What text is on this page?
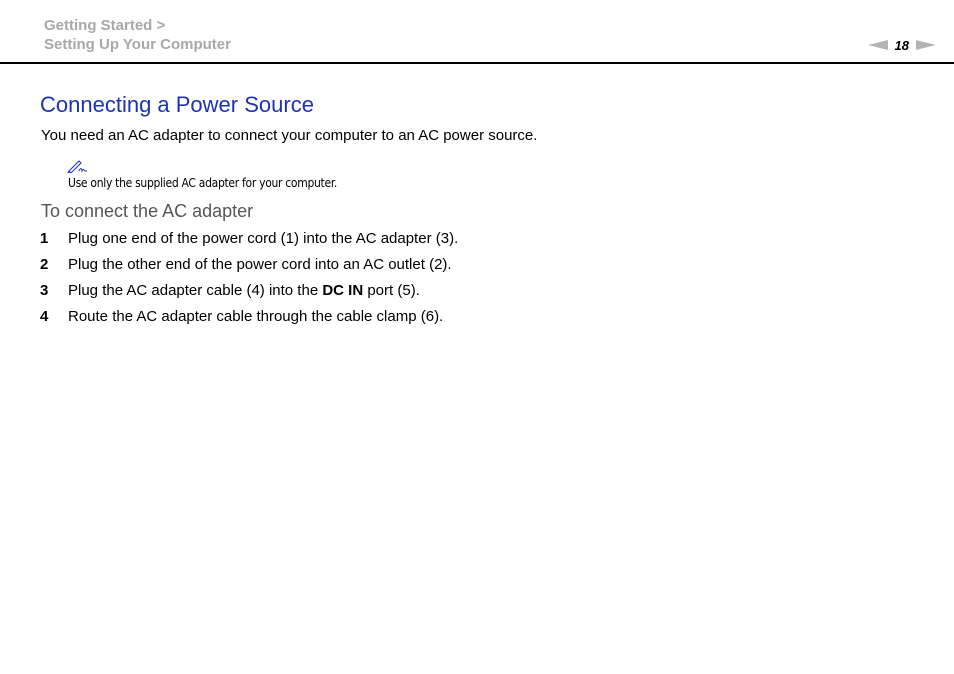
Getting Started >
Setting Up Your Computer	18
Connecting a Power Source
You need an AC adapter to connect your computer to an AC power source.
Use only the supplied AC adapter for your computer.
To connect the AC adapter
1	Plug one end of the power cord (1) into the AC adapter (3).
2	Plug the other end of the power cord into an AC outlet (2).
3	Plug the AC adapter cable (4) into the DC IN port (5).
4	Route the AC adapter cable through the cable clamp (6).
